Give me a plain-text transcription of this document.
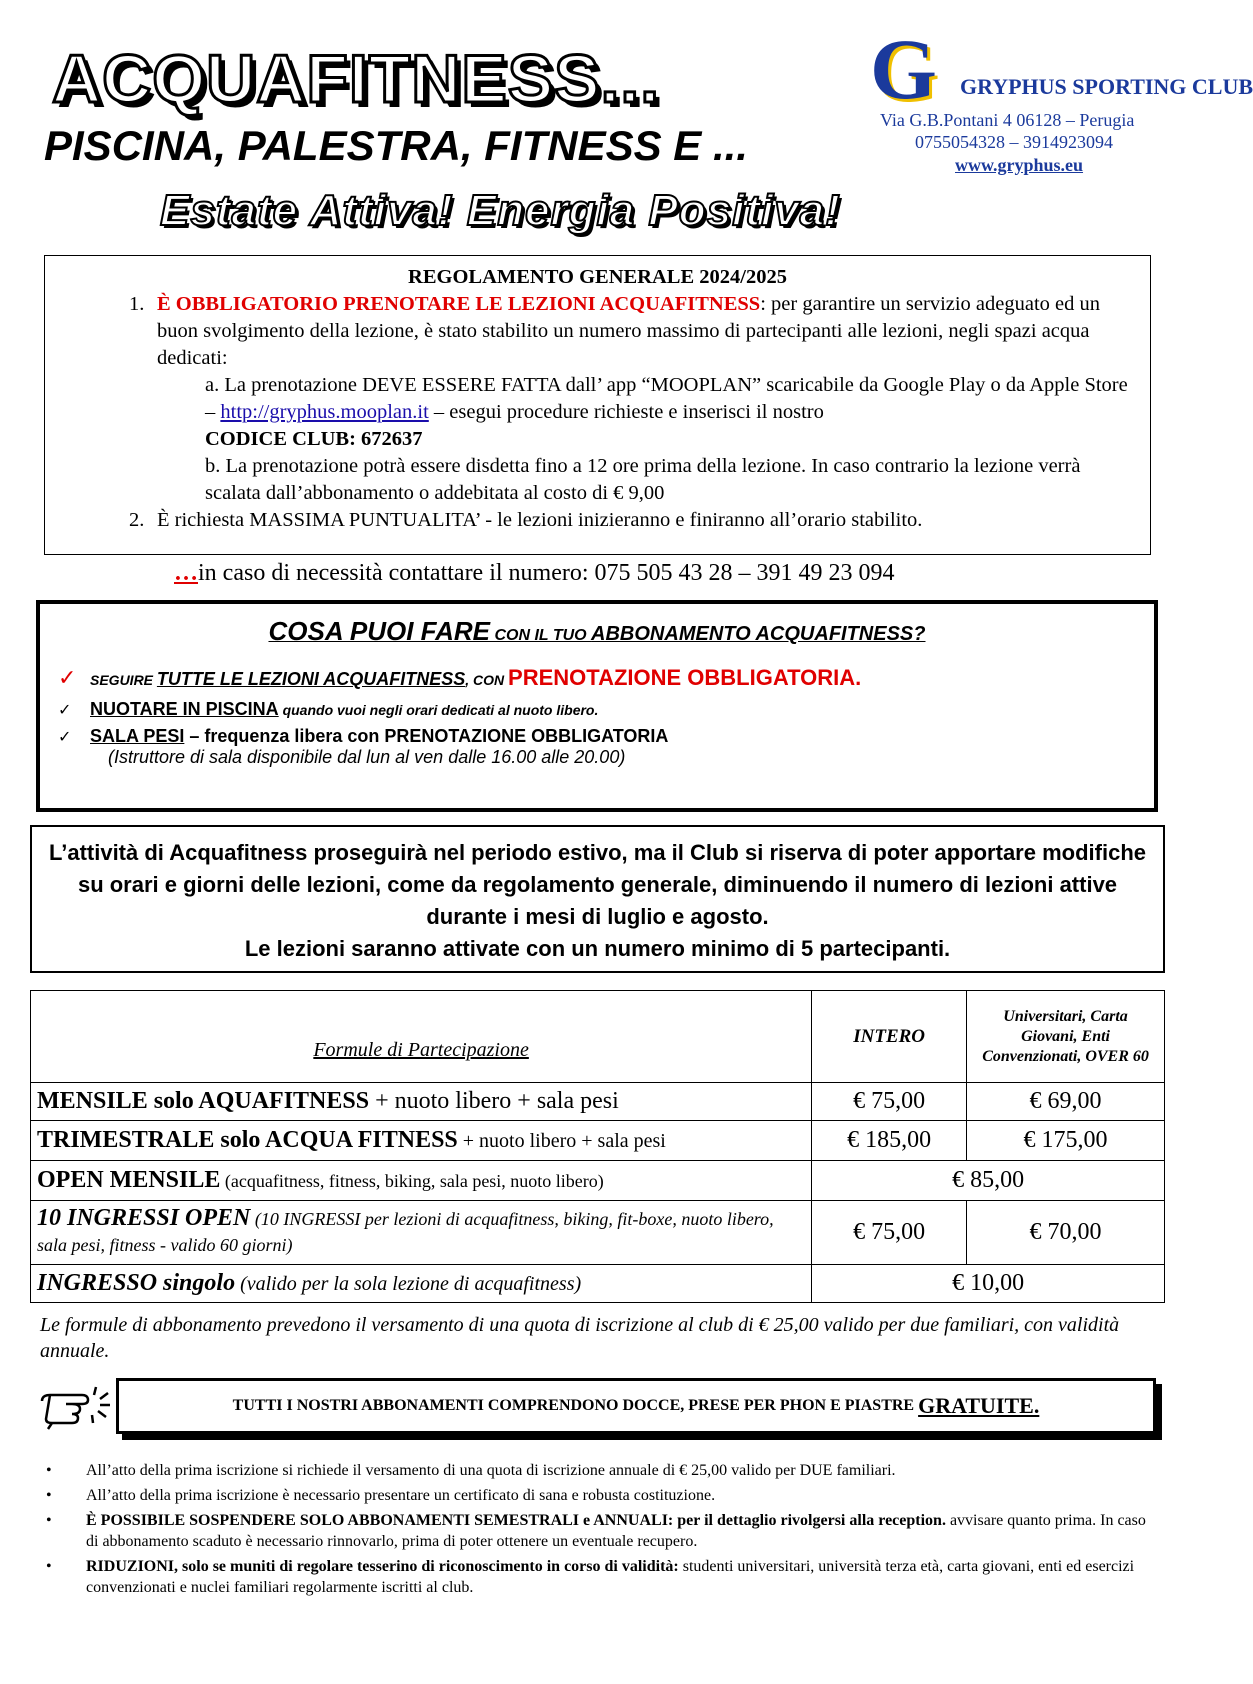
ACQUAFITNESS...
PISCINA, PALESTRA, FITNESS E ...
Estate Attiva! Energia Positiva!
G GRYPHUS SPORTING CLUB
Via G.B.Pontani 4 06128 – Perugia
0755054328 – 3914923094
www.gryphus.eu
REGOLAMENTO GENERALE 2024/2025
1. È OBBLIGATORIO PRENOTARE LE LEZIONI ACQUAFITNESS: per garantire un servizio adeguato ed un buon svolgimento della lezione, è stato stabilito un numero massimo di partecipanti alle lezioni, negli spazi acqua dedicati:
a. La prenotazione DEVE ESSERE FATTA dall’ app “MOOPLAN” scaricabile da Google Play o da Apple Store – http://gryphus.mooplan.it – esegui procedure richieste e inserisci il nostro
CODICE CLUB: 672637
b. La prenotazione potrà essere disdetta fino a 12 ore prima della lezione. In caso contrario la lezione verrà scalata dall’abbonamento o addebitata al costo di € 9,00
2. È richiesta MASSIMA PUNTUALITA’ - le lezioni inizieranno e finiranno all’orario stabilito.
…in caso di necessità contattare il numero: 075 505 43 28 – 391 49 23 094
COSA PUOI FARE CON IL TUO ABBONAMENTO ACQUAFITNESS?
✓ SEGUIRE TUTTE LE LEZIONI ACQUAFITNESS, CON PRENOTAZIONE OBBLIGATORIA.
✓ NUOTARE IN PISCINA quando vuoi negli orari dedicati al nuoto libero.
✓ SALA PESI – frequenza libera con PRENOTAZIONE OBBLIGATORIA
(Istruttore di sala disponibile dal lun al ven dalle 16.00 alle 20.00)
L’attività di Acquafitness proseguirà nel periodo estivo, ma il Club si riserva di poter apportare modifiche su orari e giorni delle lezioni, come da regolamento generale, diminuendo il numero di lezioni attive durante i mesi di luglio e agosto.
Le lezioni saranno attivate con un numero minimo di 5 partecipanti.
Formule di Partecipazione	INTERO	Universitari, Carta Giovani, Enti Convenzionati, OVER 60
MENSILE solo AQUAFITNESS + nuoto libero + sala pesi	€ 75,00	€ 69,00
TRIMESTRALE solo ACQUA FITNESS + nuoto libero + sala pesi	€ 185,00	€ 175,00
OPEN MENSILE (acquafitness, fitness, biking, sala pesi, nuoto libero)	€ 85,00	
10 INGRESSI OPEN (10 INGRESSI per lezioni di acquafitness, biking, fit-boxe, nuoto libero, sala pesi, fitness - valido 60 giorni)	€ 75,00	€ 70,00
INGRESSO singolo (valido per la sola lezione di acquafitness)	€ 10,00	
Le formule di abbonamento prevedono il versamento di una quota di iscrizione al club di € 25,00 valido per due familiari, con validità annuale.
TUTTI I NOSTRI ABBONAMENTI COMPRENDONO DOCCE, PRESE PER PHON E PIASTRE GRATUITE.
• All’atto della prima iscrizione si richiede il versamento di una quota di iscrizione annuale di € 25,00 valido per DUE familiari.
• All’atto della prima iscrizione è necessario presentare un certificato di sana e robusta costituzione.
• È POSSIBILE SOSPENDERE SOLO ABBONAMENTI SEMESTRALI e ANNUALI: per il dettaglio rivolgersi alla reception. avvisare quanto prima. In caso di abbonamento scaduto è necessario rinnovarlo, prima di poter ottenere un eventuale recupero.
• RIDUZIONI, solo se muniti di regolare tesserino di riconoscimento in corso di validità: studenti universitari, università terza età, carta giovani, enti ed esercizi convenzionati e nuclei familiari regolarmente iscritti al club.
